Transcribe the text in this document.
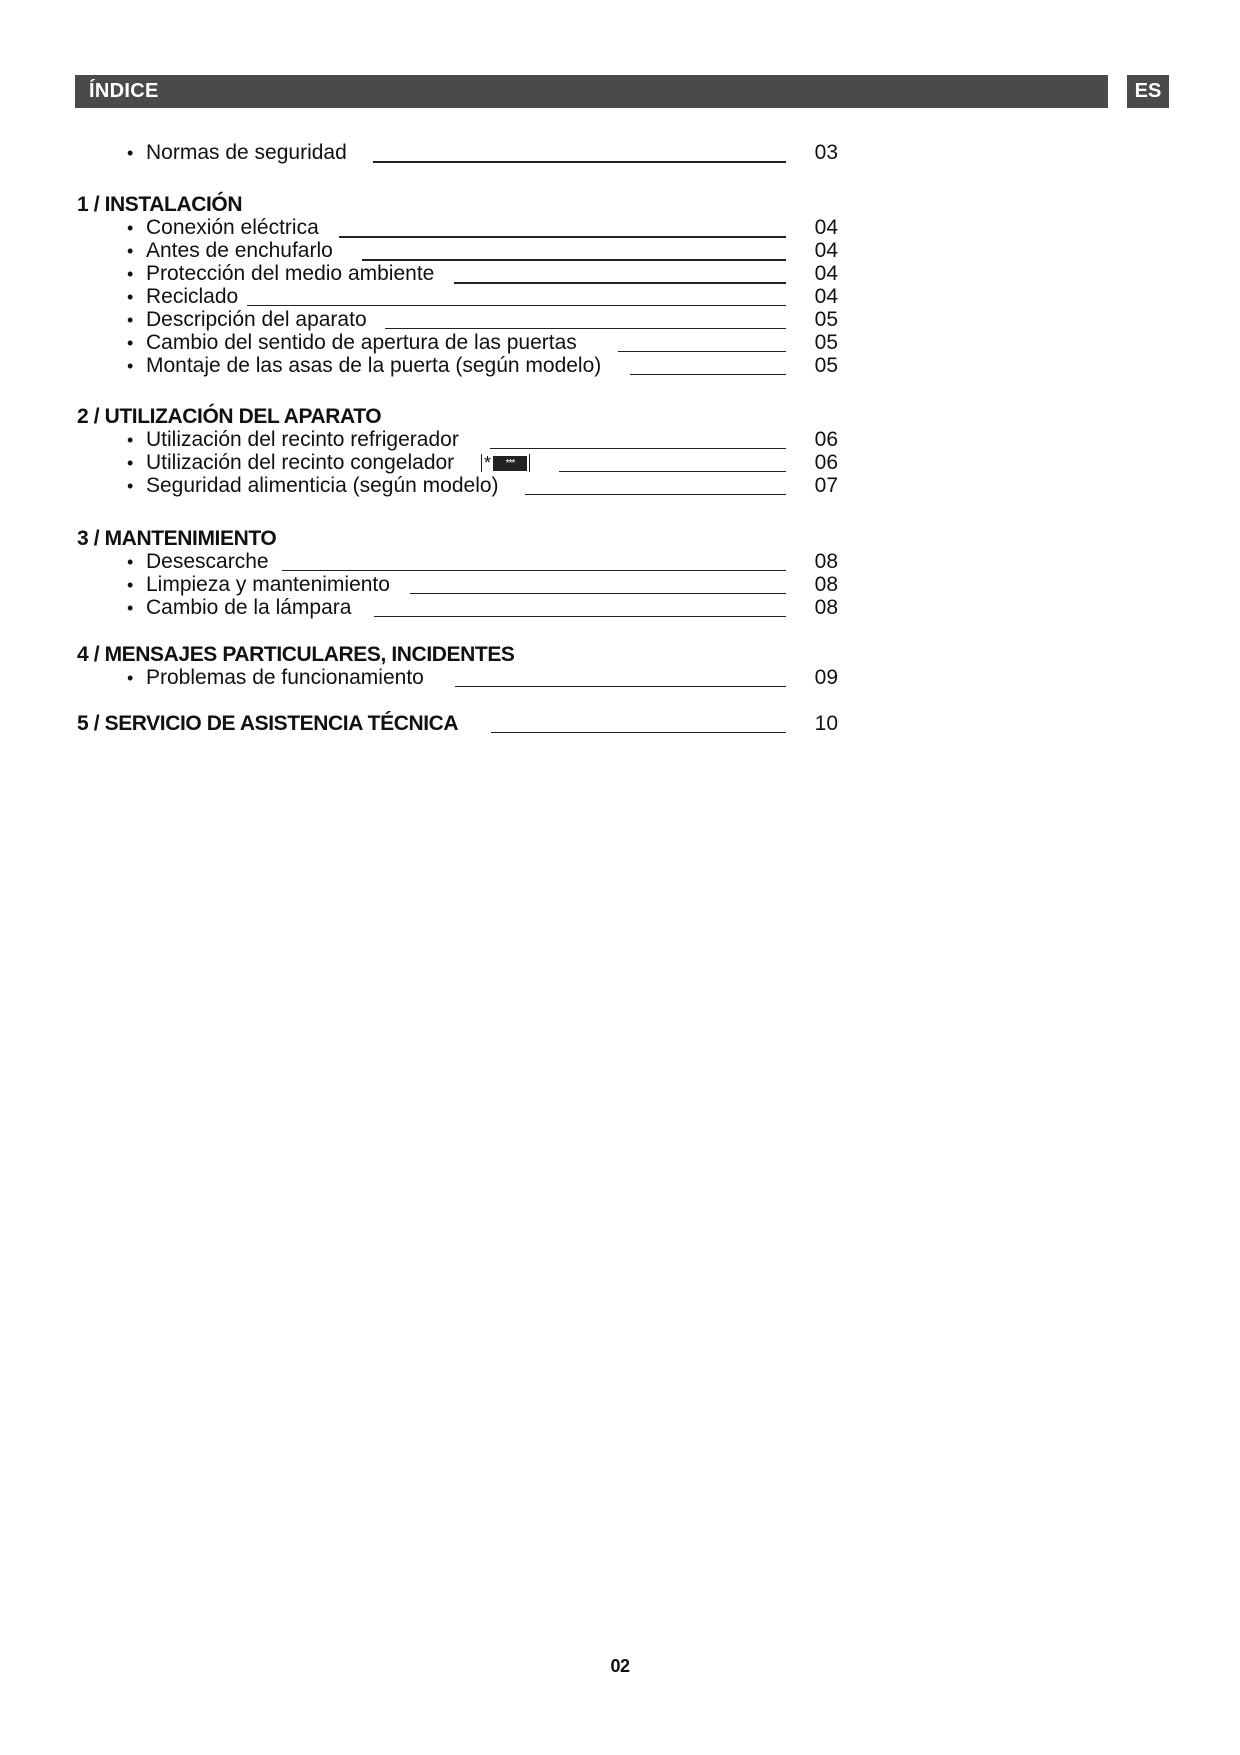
ÍNDICE	ES
• Normas de seguridad	03
1 / INSTALACIÓN
• Conexión eléctrica	04
• Antes de enchufarlo	04
• Protección del medio ambiente	04
• Reciclado	04
• Descripción del aparato	05
• Cambio del sentido de apertura de las puertas	05
• Montaje de las asas de la puerta (según modelo)	05
2 / UTILIZACIÓN DEL APARATO
• Utilización del recinto refrigerador	06
• Utilización del recinto congelador *	***	06
• Seguridad alimenticia (según modelo)	07
3 / MANTENIMIENTO
• Desescarche	08
• Limpieza y mantenimiento	08
• Cambio de la lámpara	08
4 / MENSAJES PARTICULARES, INCIDENTES
• Problemas de funcionamiento	09
5 / SERVICIO DE ASISTENCIA TÉCNICA	10
02
